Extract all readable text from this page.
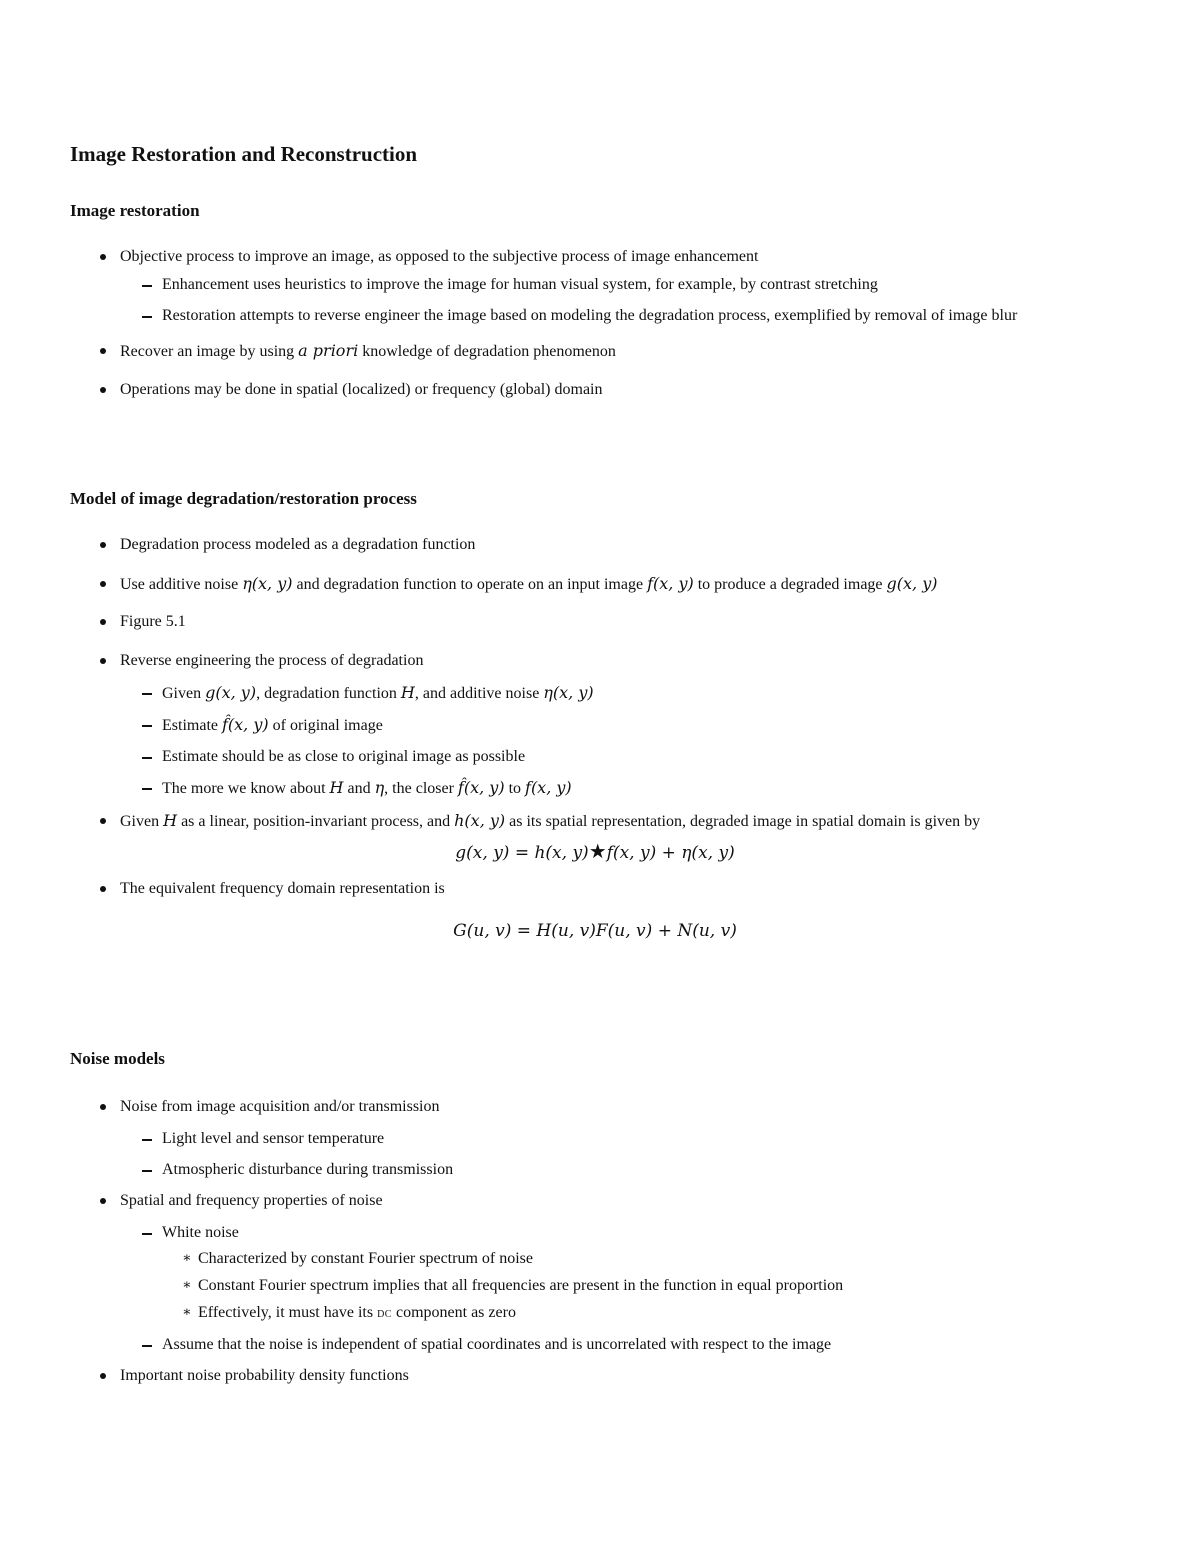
Image Restoration and Reconstruction
Image restoration
Objective process to improve an image, as opposed to the subjective process of image enhancement
Enhancement uses heuristics to improve the image for human visual system, for example, by contrast stretching
Restoration attempts to reverse engineer the image based on modeling the degradation process, exemplified by removal of image blur
Recover an image by using a priori knowledge of degradation phenomenon
Operations may be done in spatial (localized) or frequency (global) domain
Model of image degradation/restoration process
Degradation process modeled as a degradation function
Use additive noise η(x, y) and degradation function to operate on an input image f(x, y) to produce a degraded image g(x, y)
Figure 5.1
Reverse engineering the process of degradation
Given g(x, y), degradation function H, and additive noise η(x, y)
Estimate f̂(x, y) of original image
Estimate should be as close to original image as possible
The more we know about H and η, the closer f̂(x, y) to f(x, y)
Given H as a linear, position-invariant process, and h(x, y) as its spatial representation, degraded image in spatial domain is given by
g(x, y) = h(x, y)★f(x, y) + η(x, y)
The equivalent frequency domain representation is
G(u, v) = H(u, v)F(u, v) + N(u, v)
Noise models
Noise from image acquisition and/or transmission
Light level and sensor temperature
Atmospheric disturbance during transmission
Spatial and frequency properties of noise
White noise
∗ Characterized by constant Fourier spectrum of noise
∗ Constant Fourier spectrum implies that all frequencies are present in the function in equal proportion
∗ Effectively, it must have its dc component as zero
Assume that the noise is independent of spatial coordinates and is uncorrelated with respect to the image
Important noise probability density functions
